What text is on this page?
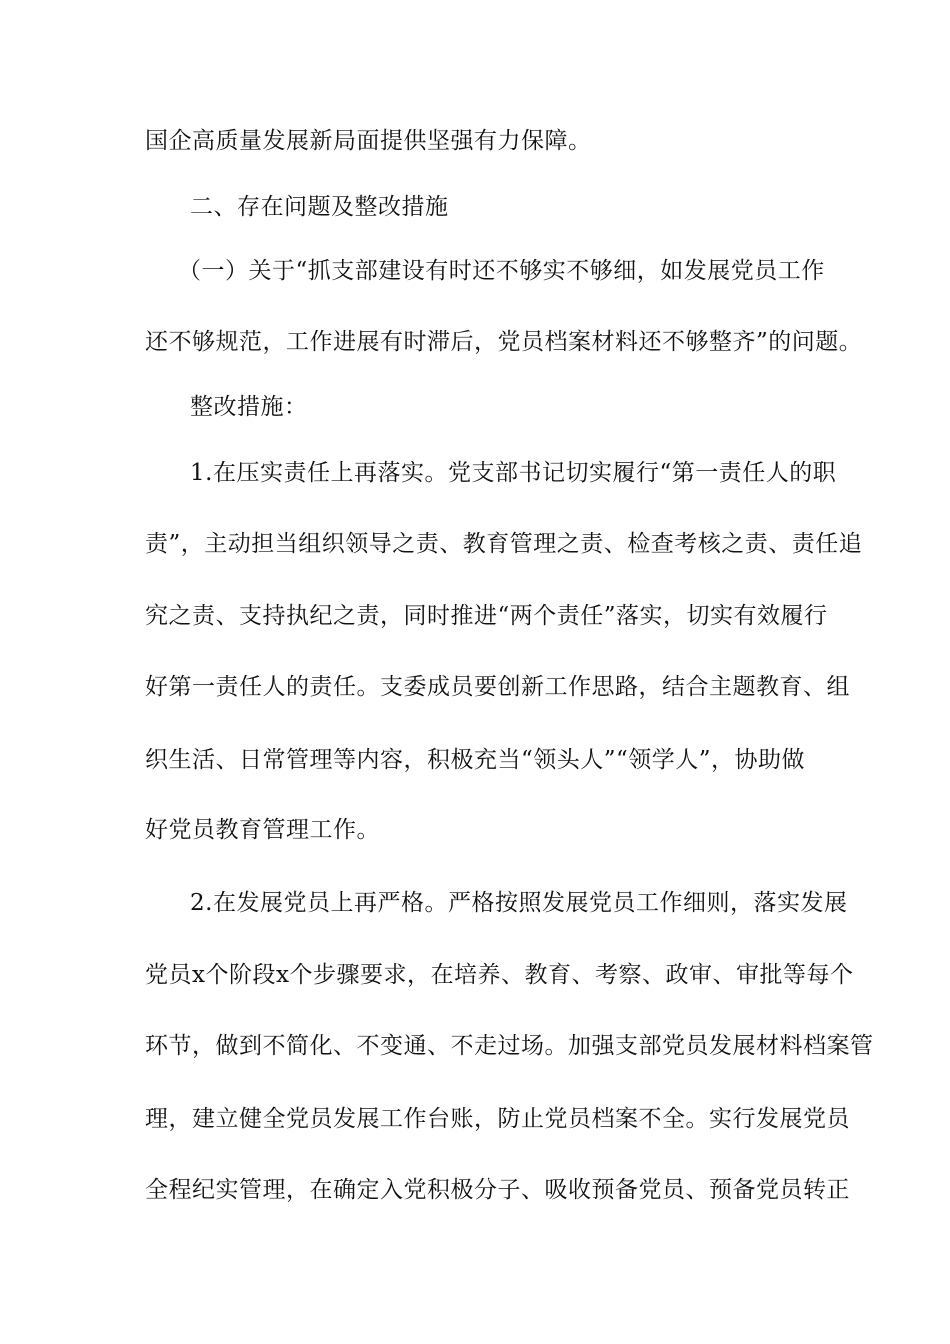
国企高质量发展新局面提供坚强有力保障。
二、存在问题及整改措施
（一）关于“抓支部建设有时还不够实不够细，如发展党员工作
还不够规范，工作进展有时滞后，党员档案材料还不够整齐”的问题。
整改措施：
1.在压实责任上再落实。党支部书记切实履行“第一责任人的职
责”，主动担当组织领导之责、教育管理之责、检查考核之责、责任追
究之责、支持执纪之责，同时推进“两个责任”落实，切实有效履行
好第一责任人的责任。支委成员要创新工作思路，结合主题教育、组
织生活、日常管理等内容，积极充当“领头人”“领学人”，协助做
好党员教育管理工作。
2.在发展党员上再严格。严格按照发展党员工作细则，落实发展
党员x个阶段x个步骤要求，在培养、教育、考察、政审、审批等每个
环节，做到不简化、不变通、不走过场。加强支部党员发展材料档案管
理，建立健全党员发展工作台账，防止党员档案不全。实行发展党员
全程纪实管理，在确定入党积极分子、吸收预备党员、预备党员转正
